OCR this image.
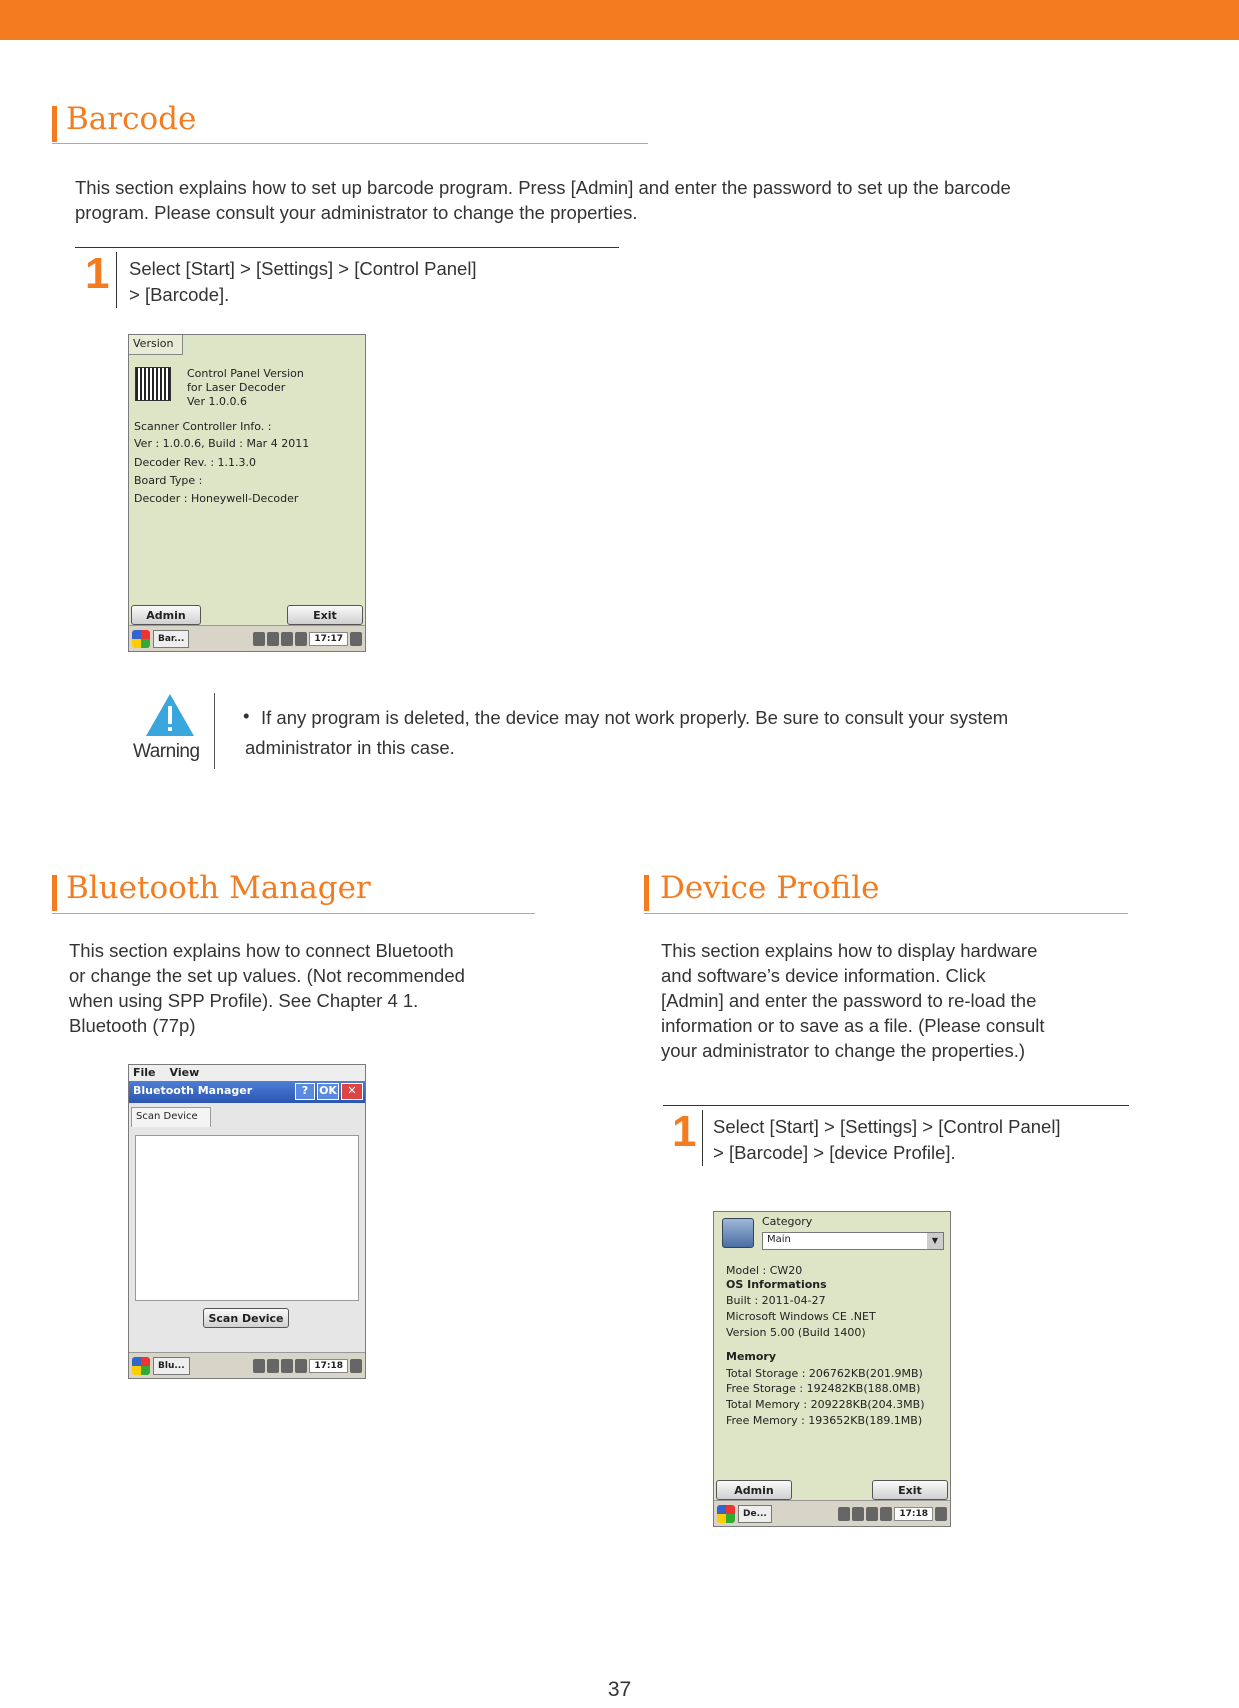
Barcode

This section explains how to set up barcode program. Press [Admin] and enter the password to set up the barcode

program. Please consult your administrator to change the properties.

1 Select [Start] > [Settings] > [Control Panel]

> [Barcode].

Version
Control Panel Version
for Laser Decoder
Ver 1.0.0.6
Scanner Controller Info. :
Ver : 1.0.0.6, Build : Mar 4 2011
Decoder Rev. : 1.1.3.0
Board Type :
Decoder : Honeywell-Decoder
Admin	Exit
Bar...	17:17
Warning
• If any program is deleted, the device may not work properly. Be sure to consult your system

administrator in this case.

Bluetooth Manager

This section explains how to connect Bluetooth

or change the set up values. (Not recommended

when using SPP Profile). See Chapter 4 1.

Bluetooth (77p)

File View
Bluetooth Manager	? OK ✕
Scan Device
Scan Device
Blu...	17:18
Device Profile

This section explains how to display hardware

and software’s device information. Click

[Admin] and enter the password to re-load the

information or to save as a file. (Please consult

your administrator to change the properties.)

1 Select [Start] > [Settings] > [Control Panel]

> [Barcode] > [device Profile].

Category
Main	▼
Model : CW20
OS Informations
Built : 2011-04-27
Microsoft Windows CE .NET
Version 5.00 (Build 1400)
Memory
Total Storage : 206762KB(201.9MB)
Free Storage : 192482KB(188.0MB)
Total Memory : 209228KB(204.3MB)
Free Memory : 193652KB(189.1MB)
Admin	Exit
De...	17:18
37
